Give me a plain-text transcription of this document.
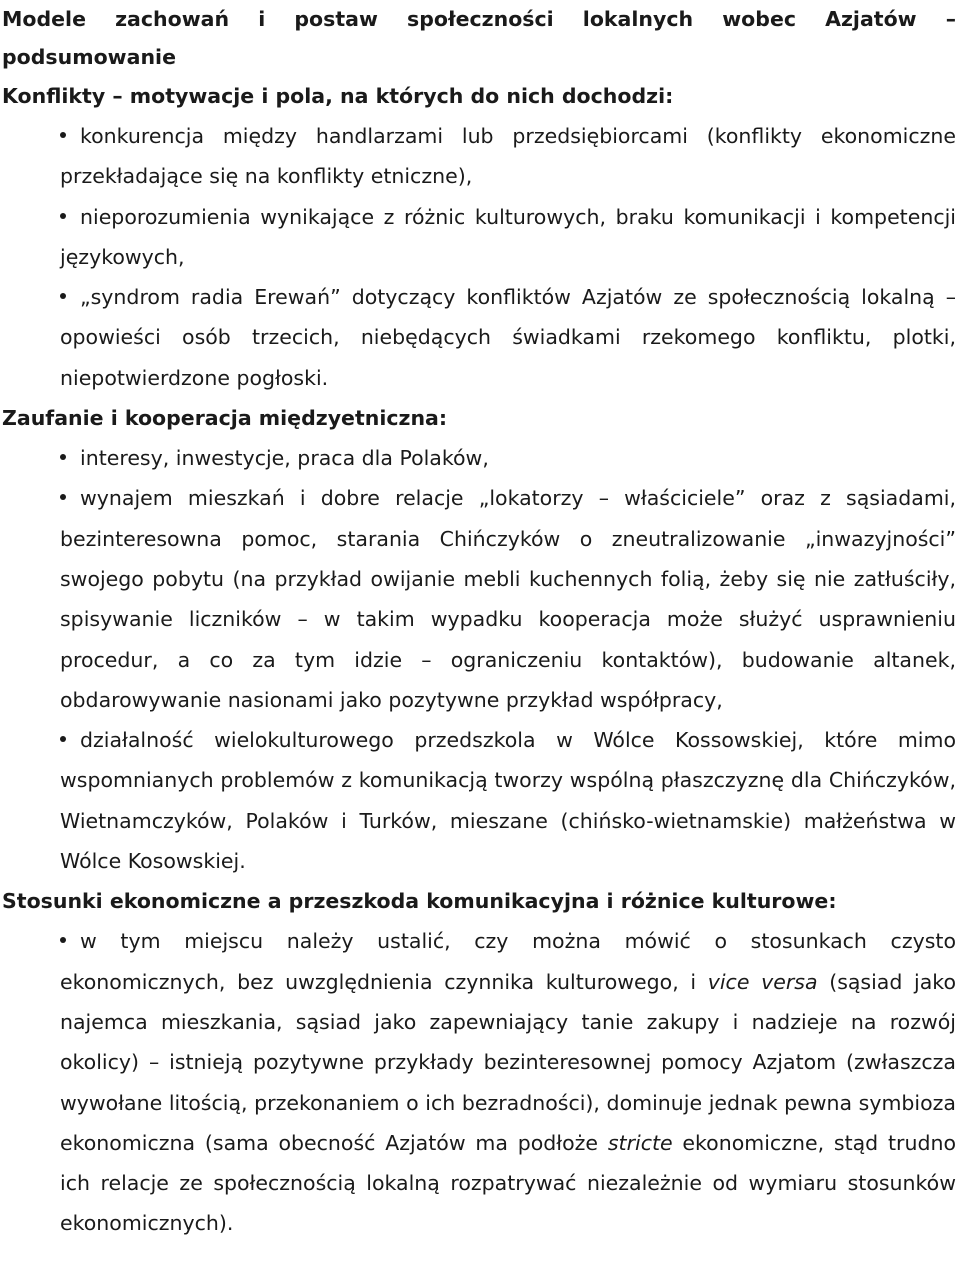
Modele zachowań i postaw społeczności lokalnych wobec Azjatów – podsumowanie

Konflikty – motywacje i pola, na których do nich dochodzi:

konkurencja między handlarzami lub przedsiębiorcami (konflikty ekonomiczne przekładające się na konflikty etniczne),
nieporozumienia wynikające z różnic kulturowych, braku komunikacji i kompetencji językowych,
„syndrom radia Erewań” dotyczący konfliktów Azjatów ze społecznością lokalną – opowieści osób trzecich, niebędących świadkami rzekomego konfliktu, plotki, niepotwierdzone pogłoski.

Zaufanie i kooperacja międzyetniczna:

interesy, inwestycje, praca dla Polaków,
wynajem mieszkań i dobre relacje „lokatorzy – właściciele” oraz z sąsiadami, bezinteresowna pomoc, starania Chińczyków o zneutralizowanie „inwazyjności” swojego pobytu (na przykład owijanie mebli kuchennych folią, żeby się nie zatłuściły, spisywanie liczników – w takim wypadku kooperacja może służyć usprawnieniu procedur, a co za tym idzie – ograniczeniu kontaktów), budowanie altanek, obdarowywanie nasionami jako pozytywne przykład współpracy,
działalność wielokulturowego przedszkola w Wólce Kossowskiej, które mimo wspomnianych problemów z komunikacją tworzy wspólną płaszczyznę dla Chińczyków, Wietnamczyków, Polaków i Turków, mieszane (chińsko-wietnamskie) małżeństwa w Wólce Kosowskiej.

Stosunki ekonomiczne a przeszkoda komunikacyjna i różnice kulturowe:

w tym miejscu należy ustalić, czy można mówić o stosunkach czysto ekonomicznych, bez uwzględnienia czynnika kulturowego, i vice versa (sąsiad jako najemca mieszkania, sąsiad jako zapewniający tanie zakupy i nadzieje na rozwój okolicy) – istnieją pozytywne przykłady bezinteresownej pomocy Azjatom (zwłaszcza wywołane litością, przekonaniem o ich bezradności), dominuje jednak pewna symbioza ekonomiczna (sama obecność Azjatów ma podłoże stricte ekonomiczne, stąd trudno ich relacje ze społecznością lokalną rozpatrywać niezależnie od wymiaru stosunków ekonomicznych).
